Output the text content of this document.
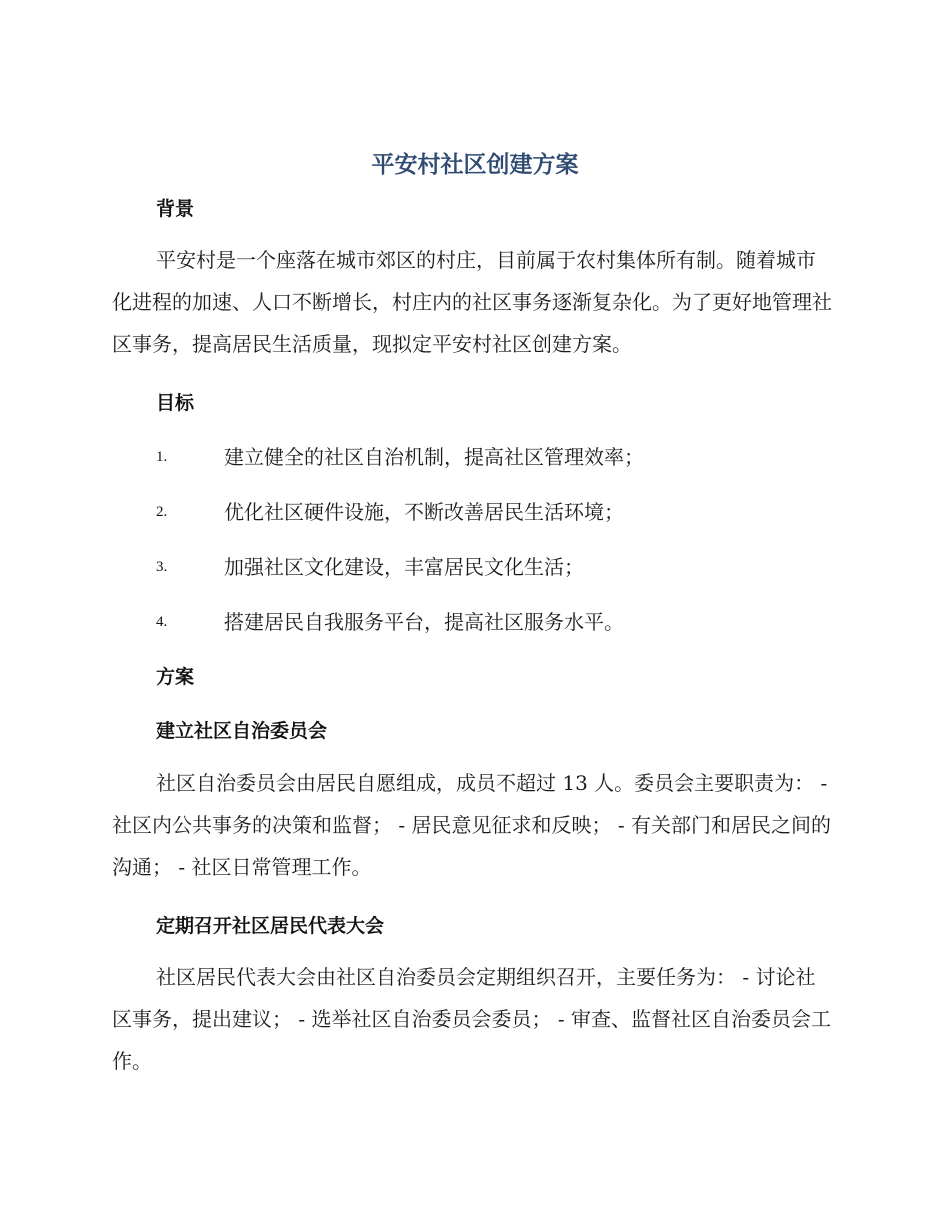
平安村社区创建方案
背景

平安村是一个座落在城市郊区的村庄，目前属于农村集体所有制。随着城市化进程的加速、人口不断增长，村庄内的社区事务逐渐复杂化。为了更好地管理社区事务，提高居民生活质量，现拟定平安村社区创建方案。

目标
1.	建立健全的社区自治机制，提高社区管理效率；
2.	优化社区硬件设施，不断改善居民生活环境；
3.	加强社区文化建设，丰富居民文化生活；
4.	搭建居民自我服务平台，提高社区服务水平。
方案
建立社区自治委员会

社区自治委员会由居民自愿组成，成员不超过 13 人。委员会主要职责为： - 社区内公共事务的决策和监督； - 居民意见征求和反映； - 有关部门和居民之间的沟通； - 社区日常管理工作。

定期召开社区居民代表大会

社区居民代表大会由社区自治委员会定期组织召开，主要任务为： - 讨论社区事务，提出建议； - 选举社区自治委员会委员； - 审查、监督社区自治委员会工作。
